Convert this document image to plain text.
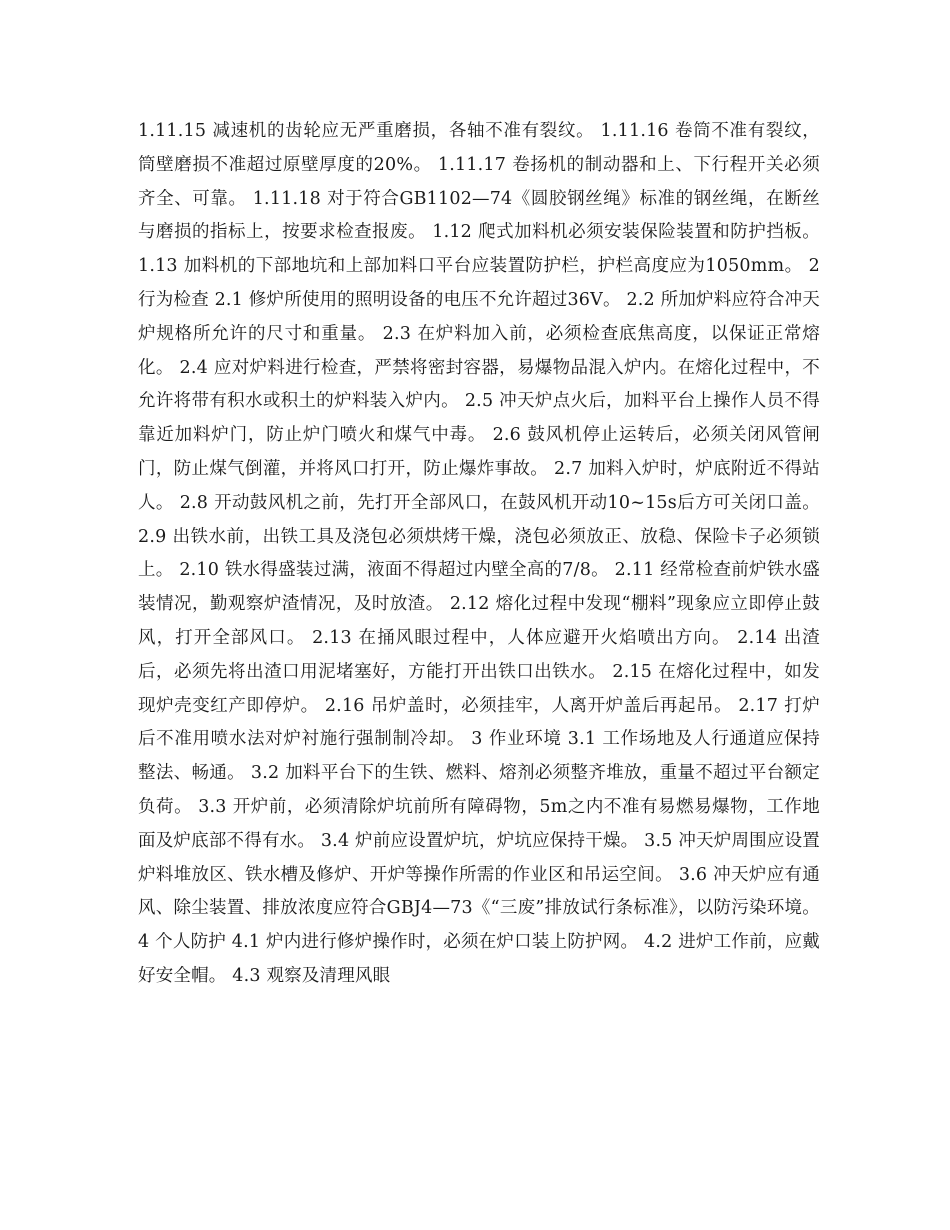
1.11.15 减速机的齿轮应无严重磨损，各轴不准有裂纹。 1.11.16 卷筒不准有裂纹，筒壁磨损不准超过原壁厚度的20%。 1.11.17 卷扬机的制动器和上、下行程开关必须齐全、可靠。 1.11.18 对于符合GB1102—74《圆胶钢丝绳》标准的钢丝绳，在断丝与磨损的指标上，按要求检查报废。 1.12 爬式加料机必须安装保险装置和防护挡板。 1.13 加料机的下部地坑和上部加料口平台应装置防护栏，护栏高度应为1050mm。 2 行为检查 2.1 修炉所使用的照明设备的电压不允许超过36V。 2.2 所加炉料应符合冲天炉规格所允许的尺寸和重量。 2.3 在炉料加入前，必须检查底焦高度，以保证正常熔化。 2.4 应对炉料进行检查，严禁将密封容器，易爆物品混入炉内。在熔化过程中，不允许将带有积水或积土的炉料装入炉内。 2.5 冲天炉点火后，加料平台上操作人员不得靠近加料炉门，防止炉门喷火和煤气中毒。 2.6 鼓风机停止运转后，必须关闭风管闸门，防止煤气倒灌，并将风口打开，防止爆炸事故。 2.7 加料入炉时，炉底附近不得站人。 2.8 开动鼓风机之前，先打开全部风口，在鼓风机开动10~15s后方可关闭口盖。 2.9 出铁水前，出铁工具及浇包必须烘烤干燥，浇包必须放正、放稳、保险卡子必须锁上。 2.10 铁水得盛装过满，液面不得超过内壁全高的7/8。 2.11 经常检查前炉铁水盛装情况，勤观察炉渣情况，及时放渣。 2.12 熔化过程中发现“棚料”现象应立即停止鼓风，打开全部风口。 2.13 在捅风眼过程中，人体应避开火焰喷出方向。 2.14 出渣后，必须先将出渣口用泥堵塞好，方能打开出铁口出铁水。 2.15 在熔化过程中，如发现炉壳变红产即停炉。 2.16 吊炉盖时，必须挂牢，人离开炉盖后再起吊。 2.17 打炉后不准用喷水法对炉衬施行强制制冷却。 3 作业环境 3.1 工作场地及人行通道应保持整法、畅通。 3.2 加料平台下的生铁、燃料、熔剂必须整齐堆放，重量不超过平台额定负荷。 3.3 开炉前，必须清除炉坑前所有障碍物，5m之内不准有易燃易爆物，工作地面及炉底部不得有水。 3.4 炉前应设置炉坑，炉坑应保持干燥。 3.5 冲天炉周围应设置炉料堆放区、铁水槽及修炉、开炉等操作所需的作业区和吊运空间。 3.6 冲天炉应有通风、除尘装置、排放浓度应符合GBJ4—73《“三废”排放试行条标准》，以防污染环境。 4 个人防护 4.1 炉内进行修炉操作时，必须在炉口装上防护网。 4.2 进炉工作前，应戴好安全帽。 4.3 观察及清理风眼
